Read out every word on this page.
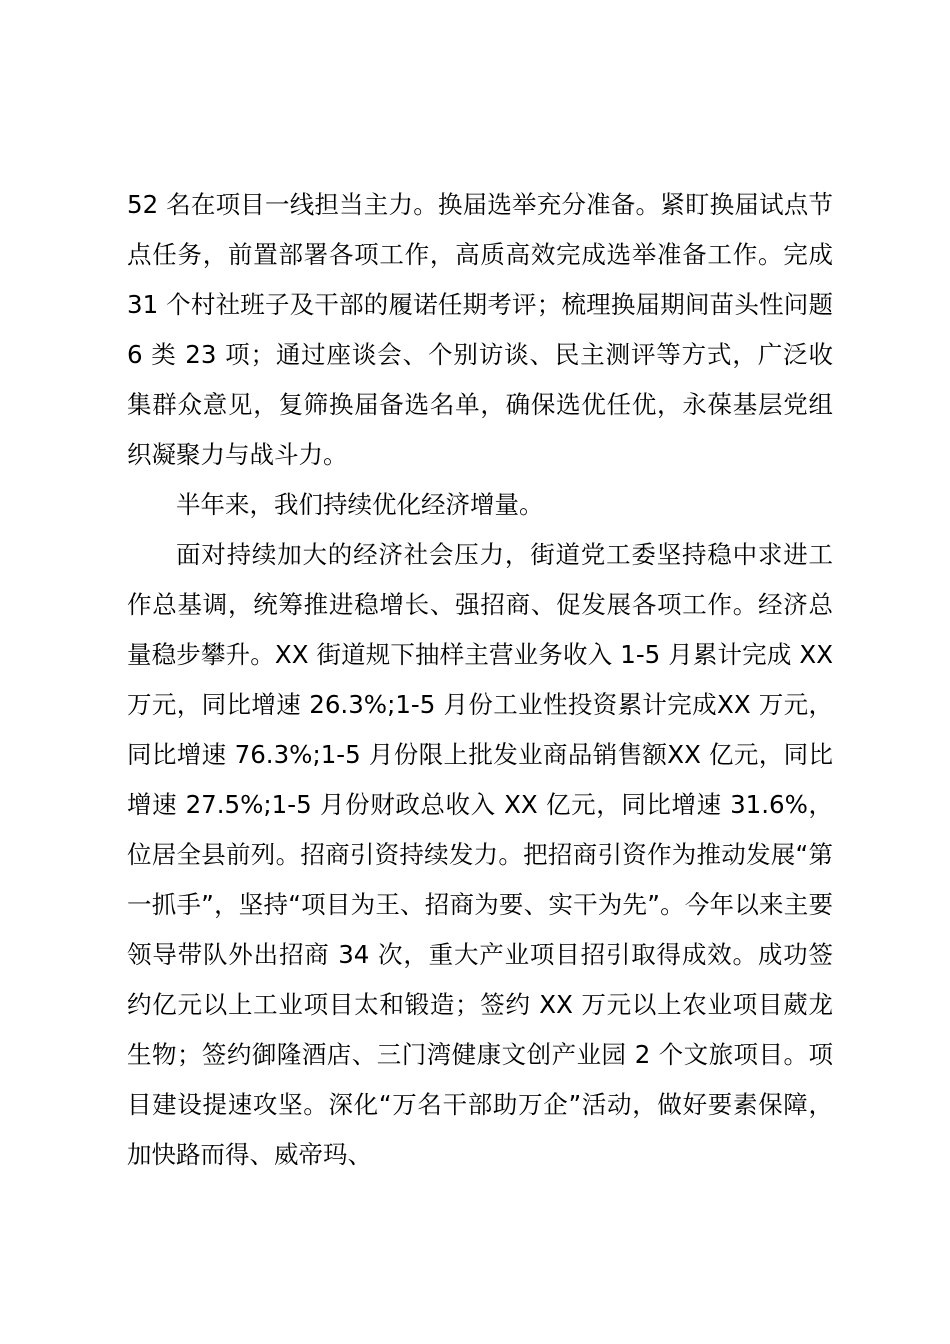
52 名在项目一线担当主力。换届选举充分准备。紧盯换届试点节点任务，前置部署各项工作，高质高效完成选举准备工作。完成 31 个村社班子及干部的履诺任期考评；梳理换届期间苗头性问题 6 类 23 项；通过座谈会、个别访谈、民主测评等方式，广泛收集群众意见，复筛换届备选名单，确保选优任优，永葆基层党组织凝聚力与战斗力。

半年来，我们持续优化经济增量。

面对持续加大的经济社会压力，街道党工委坚持稳中求进工作总基调，统筹推进稳增长、强招商、促发展各项工作。经济总量稳步攀升。XX 街道规下抽样主营业务收入 1-5 月累计完成 XX 万元，同比增速 26.3%;1-5 月份工业性投资累计完成XX 万元，同比增速 76.3%;1-5 月份限上批发业商品销售额XX 亿元，同比增速 27.5%;1-5 月份财政总收入 XX 亿元，同比增速 31.6%，位居全县前列。招商引资持续发力。把招商引资作为推动发展“第一抓手”，坚持“项目为王、招商为要、实干为先”。今年以来主要领导带队外出招商 34 次，重大产业项目招引取得成效。成功签约亿元以上工业项目太和锻造；签约 XX 万元以上农业项目葳龙生物；签约御隆酒店、三门湾健康文创产业园 2 个文旅项目。项目建设提速攻坚。深化“万名干部助万企”活动，做好要素保障，加快路而得、威帝玛、
